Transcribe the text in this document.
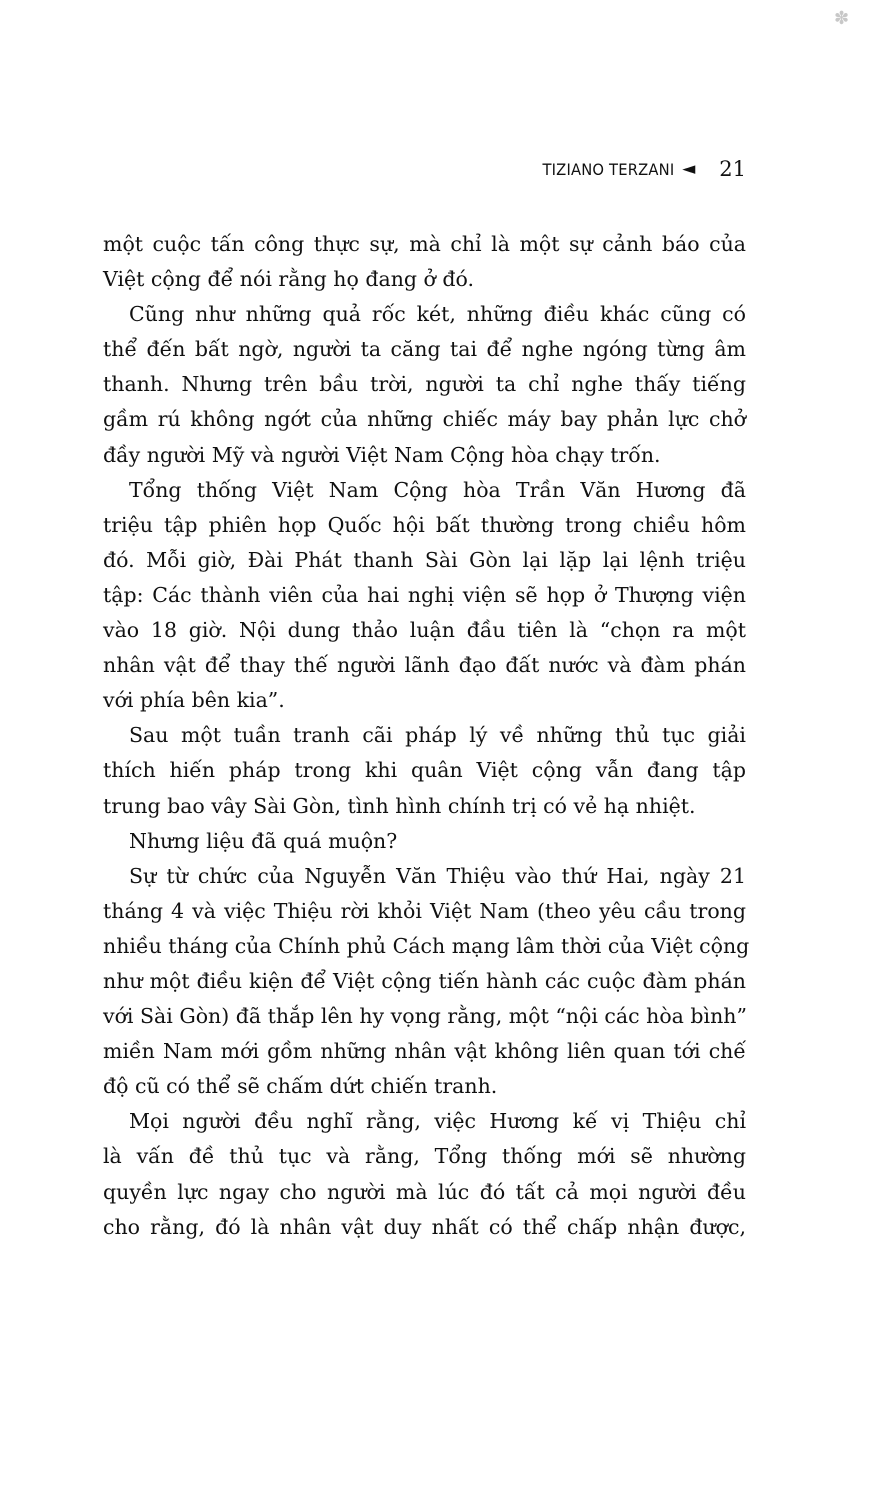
✽
TIZIANO TERZANI ◄ 21
một cuộc tấn công thực sự, mà chỉ là một sự cảnh báo của
Việt cộng để nói rằng họ đang ở đó.
Cũng như những quả rốc két, những điều khác cũng có
thể đến bất ngờ, người ta căng tai để nghe ngóng từng âm
thanh. Nhưng trên bầu trời, người ta chỉ nghe thấy tiếng
gầm rú không ngớt của những chiếc máy bay phản lực chở
đầy người Mỹ và người Việt Nam Cộng hòa chạy trốn.
Tổng thống Việt Nam Cộng hòa Trần Văn Hương đã
triệu tập phiên họp Quốc hội bất thường trong chiều hôm
đó. Mỗi giờ, Đài Phát thanh Sài Gòn lại lặp lại lệnh triệu
tập: Các thành viên của hai nghị viện sẽ họp ở Thượng viện
vào 18 giờ. Nội dung thảo luận đầu tiên là “chọn ra một
nhân vật để thay thế người lãnh đạo đất nước và đàm phán
với phía bên kia”.
Sau một tuần tranh cãi pháp lý về những thủ tục giải
thích hiến pháp trong khi quân Việt cộng vẫn đang tập
trung bao vây Sài Gòn, tình hình chính trị có vẻ hạ nhiệt.
Nhưng liệu đã quá muộn?
Sự từ chức của Nguyễn Văn Thiệu vào thứ Hai, ngày 21
tháng 4 và việc Thiệu rời khỏi Việt Nam (theo yêu cầu trong
nhiều tháng của Chính phủ Cách mạng lâm thời của Việt cộng
như một điều kiện để Việt cộng tiến hành các cuộc đàm phán
với Sài Gòn) đã thắp lên hy vọng rằng, một “nội các hòa bình”
miền Nam mới gồm những nhân vật không liên quan tới chế
độ cũ có thể sẽ chấm dứt chiến tranh.
Mọi người đều nghĩ rằng, việc Hương kế vị Thiệu chỉ
là vấn đề thủ tục và rằng, Tổng thống mới sẽ nhường
quyền lực ngay cho người mà lúc đó tất cả mọi người đều
cho rằng, đó là nhân vật duy nhất có thể chấp nhận được,
